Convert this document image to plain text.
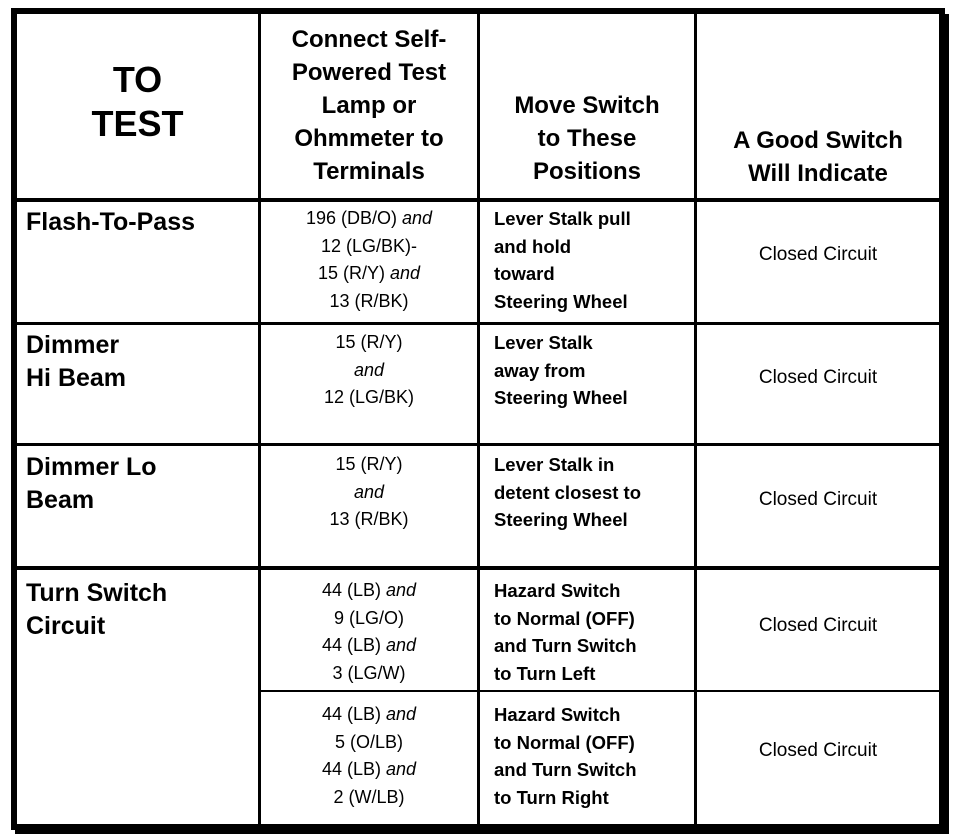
TO
TEST
Connect Self-
Powered Test
Lamp or
Ohmmeter to
Terminals
Move Switch
to These
Positions
A Good Switch
Will Indicate
Flash-To-Pass	196 (DB/O) and
12 (LG/BK)-
15 (R/Y) and
13 (R/BK)
Lever Stalk pull
and hold
toward
Steering Wheel
Closed Circuit
Dimmer
Hi Beam
15 (R/Y)
and
12 (LG/BK)
Lever Stalk
away from
Steering Wheel
Closed Circuit
Dimmer Lo
Beam
15 (R/Y)
and
13 (R/BK)
Lever Stalk in
detent closest to
Steering Wheel
Closed Circuit
Turn Switch
Circuit
44 (LB) and
9 (LG/O)
44 (LB) and
3 (LG/W)
Hazard Switch
to Normal (OFF)
and Turn Switch
to Turn Left
Closed Circuit
44 (LB) and
5 (O/LB)
44 (LB) and
2 (W/LB)
Hazard Switch
to Normal (OFF)
and Turn Switch
to Turn Right
Closed Circuit
